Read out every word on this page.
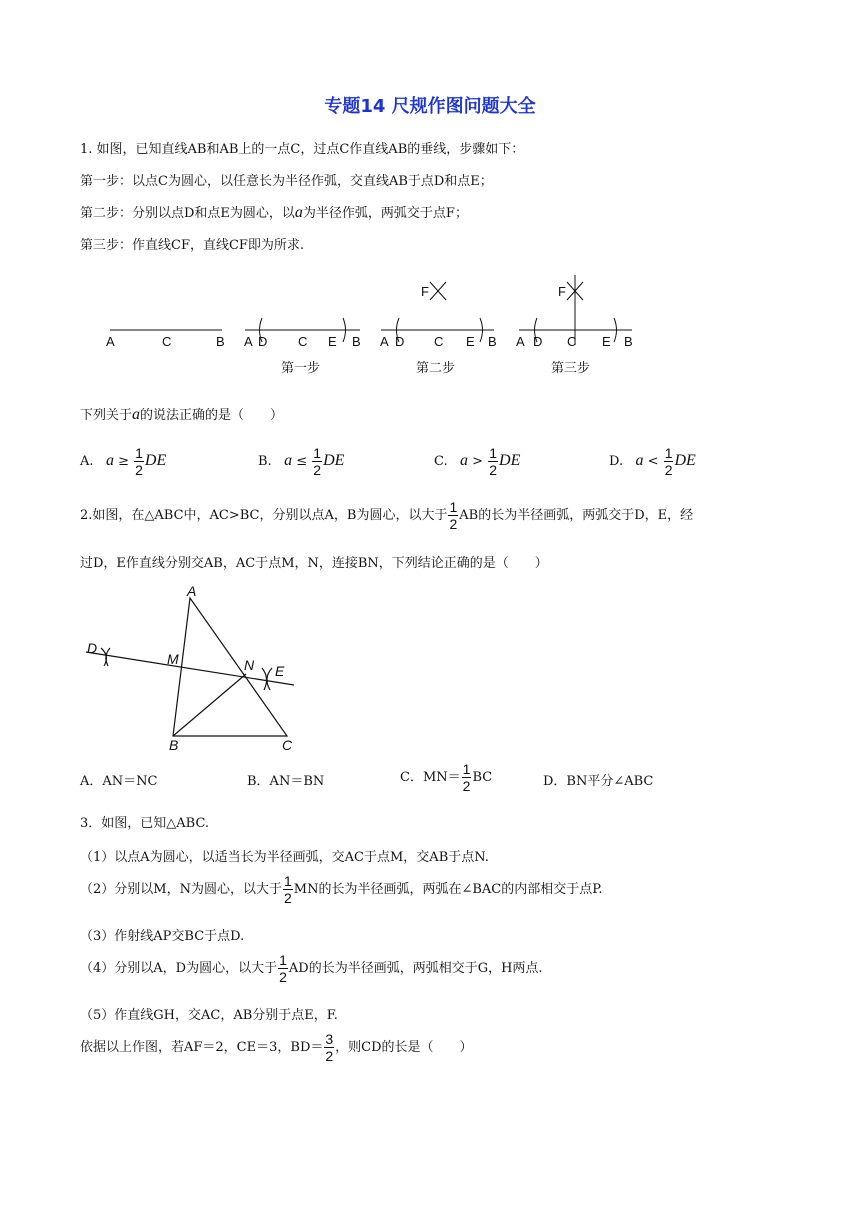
专题14 尺规作图问题大全
1. 如图，已知直线AB和AB上的一点C，过点C作直线AB的垂线，步骤如下：
第一步：以点C为圆心，以任意长为半径作弧，交直线AB于点D和点E；
第二步：分别以点D和点E为圆心，以a为半径作弧，两弧交于点F；
第三步：作直线CF，直线CF即为所求.
A	C	B A D C E B A D C E B
F
A D C E B
F
第一步	第二步	第三步
下列关于a的说法正确的是（　　）
A. $a \ge \frac{1}{2}$ DE	B. $a \le \frac{1}{2}$ DE	C. $a > \frac{1}{2}$ DE	D. $a < \frac{1}{2}$ DE
2.如图，在△ABC中，AC>BC，分别以点A，B为圆心，以大于 $\frac{1}{2}$ AB的长为半径画弧，两弧交于D，E，经
过D，E作直线分别交AB，AC于点M，N，连接BN，下列结论正确的是（　　）
A
B	C
D
E
M	N
A．AN＝NC	B．AN＝BN	C．$MN= \frac{1}{2}$ BC	D．BN平分∠ABC
3．如图，已知△ABC.
（1）以点A为圆心，以适当长为半径画弧，交AC于点M，交AB于点N.
（2）分别以M，N为圆心，以大于 $\frac{1}{2}$ MN的长为半径画弧，两弧在∠BAC的内部相交于点P.
（3）作射线AP交BC于点D.
（4）分别以A，D为圆心，以大于 $\frac{1}{2}$ AD的长为半径画弧，两弧相交于G，H两点.
（5）作直线GH，交AC，AB分别于点E，F.
依据以上作图，若AF＝2，CE＝3，$BD= \frac{3}{2}$ ，则CD的长是（　　）
